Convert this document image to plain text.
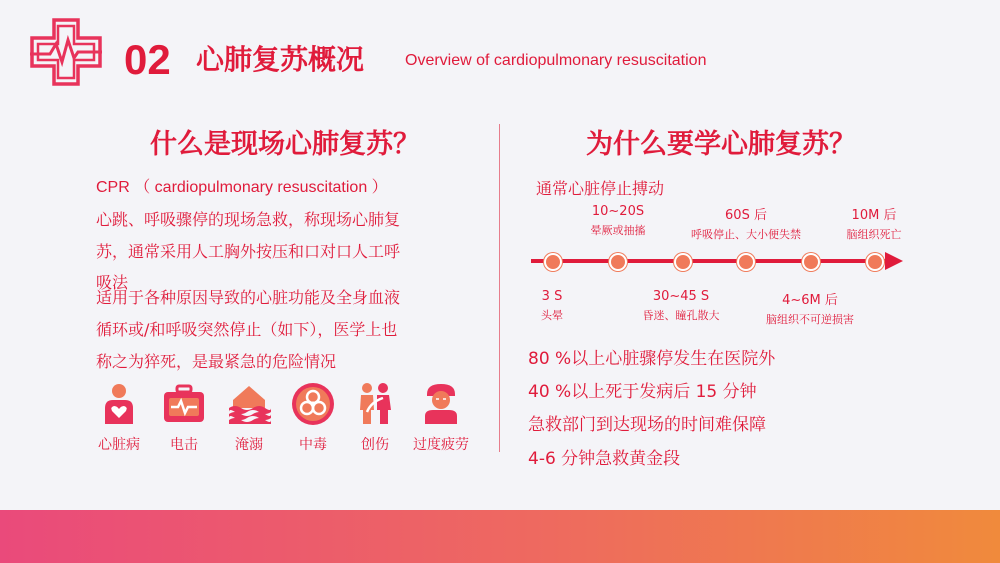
02 心肺复苏概况	Overview of cardiopulmonary resuscitation
什么是现场心肺复苏？
CPR （ cardiopulmonary resuscitation ）
心跳、呼吸骤停的现场急救，称现场心肺复
苏，通常采用人工胸外按压和口对口人工呼
吸法
适用于各种原因导致的心脏功能及全身血液
循环或/和呼吸突然停止（如下），医学上也
称之为猝死，是最紧急的危险情况
心脏病	电击	淹溺	中毒	创伤	过度疲劳
为什么要学心肺复苏？
通常心脏停止搏动
10~20S
晕厥或抽搐
60S 后
呼吸停止、大小便失禁
10M 后
脑组织死亡
3 S
头晕
30~45 S
昏迷、瞳孔散大
4~6M 后
脑组织不可逆损害
80 %以上心脏骤停发生在医院外
40 %以上死于发病后 15 分钟
急救部门到达现场的时间难保障
4-6 分钟急救黄金段
